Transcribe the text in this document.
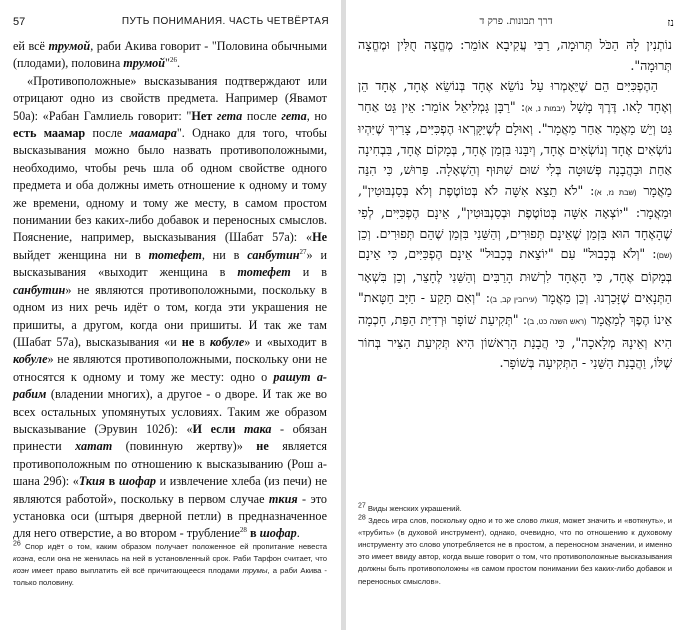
57	ПУТЬ ПОНИМАНИЯ. ЧАСТЬ ЧЕТВЁРТАЯ

ей всё трумой, раби Акива говорит - "Половина обычными (плодами), половина трумой"$^{26}$.

«Противоположные» высказывания подтверждают или отрицают одно из свойств предмета. Например (Явамот 50а): «Рабан Гамлиель говорит: "Нет гета после гета, но есть маамар после маамара". Однако для того, чтобы высказывания можно было назвать противоположными, необходимо, чтобы речь шла об одном свойстве одного предмета и оба должны иметь отношение к одному и тому же времени, одному и тому же месту, в самом простом понимании без каких-либо добавок и переносных смыслов. Пояснение, например, высказывания (Шабат 57а): «Не выйдет женщина ни в тотефет, ни в санбутин$^{27}$» и высказывания «выходит женщина в тотефет и в санбутин» не являются противоположными, поскольку в одном из них речь идёт о том, когда эти украшения не пришиты, а другом, когда они пришиты. И так же там (Шабат 57а), высказывания «и не в кобуле» и «выходит в кобуле» не являются противоположными, поскольку они не относятся к одному и тому же месту: одно о рашут а-рабим (владении многих), а другое - о дворе. И так же во всех остальных упомянутых условиях. Таким же образом высказывание (Эрувин 102б): «И если така - обязан принести хатат (повинную жертву)» не является противоположным по отношению к высказыванию (Рош а-шана 29б): «Ткия в шофар и извлечение хлеба (из печи) не являются работой», поскольку в первом случае ткия - это установка оси (штыря дверной петли) в предназначенное для него отверстие, а во втором - трубление$^{28}$ в шофар.

$^{26}$ Спор идёт о том, каким образом получает положенное ей пропитание невеста коэна, если она не женилась на ней в установленный срок. Раби Тарфон считает, что коэн имеет право выплатить ей всё причитающееся плодами трумы, а раби Акива - только половину.

נז
דרך תבונות. פרק ד

נוֹתְנִין לָהּ הַכֹּל תְּרוּמָה, רַבִּי עֲקִיבָא אוֹמֵר: מֶחֱצָה חֻלִּין וּמֶחֱצָה תְּרוּמָה".

הַהֶפְכִּיִּים הֵם שֶׁיֵּאָמְרוּ עַל נוֹשֵׂא אֶחָד בְּנוֹשֵׂא אֶחָד, אֶחָד הֵן וְאֶחָד לָאו. דֶּרֶךְ מָשָׁל (יבמות נ, א): "רַבָּן גַּמְלִיאֵל אוֹמֵר: אֵין גֵּט אַחַר גֵּט וְיֵשׁ מַאֲמָר אַחַר מַאֲמָר". וְאוּלָם לְשֶׁיִּקָּרְאוּ הֶפְכִּיִּים, צָרִיךְ שֶׁיִּהְיוּ נוֹשְׂאִים אֶחָד וְנוֹשְׂאִים אֶחָד, וְיִבָּנוּ בִּזְמַן אֶחָד, בְּמָקוֹם אֶחָד, בִּבְחִינָה אַחַת וּבַהֲבָנָה פְּשׁוּטָה בְּלִי שׁוּם שִׁתּוּף וְהַשְׁאָלָה. פֵּרוּשׁ, כִּי הִנֵּה מַאֲמָר (שבת נז, א): "לֹא תֵצֵא אִשָּׁה לֹא בְּטוֹטֶפֶת וְלֹא בְּסַנְבּוּטִין", וּמַאֲמָר: "יוֹצְאָה אִשָּׁה בְּטוֹטֶפֶת וּבְסַנְבּוּטִין", אֵינָם הֶפְכִּיִּים, לְפִי שֶׁהָאֶחָד הוּא בִּזְמַן שֶׁאֵינָם תְּפוּרִים, וְהַשֵּׁנִי בִּזְמַן שֶׁהֵם תְּפוּרִים. וְכֵן (שם): "וְלֹא בְּכָבוּל" עִם "יוֹצֵאת בְּכָבוּל" אֵינָם הֶפְכִּיִּים, כִּי אֵינָם בְּמָקוֹם אֶחָד, כִּי הָאֶחָד לִרְשׁוּת הָרַבִּים וְהַשֵּׁנִי לֶחָצֵר, וְכֵן בִּשְׁאָר הַתְּנָאִים שֶׁזָּכַרְנוּ. וְכֵן מַאֲמָר (עירובין קב, ב): "וְאִם תָּקַע - חַיָּב חַטָּאת" אֵינוֹ הֶפֶךְ לְמַאֲמָר (ראש השנה כט, ב): "תְּקִיעַת שׁוֹפָר וּרְדִיַּת הַפַּת, חָכְמָה הִיא וְאֵינָהּ מְלָאכָה", כִּי הֲבָנַת הָרִאשׁוֹן הִיא תְּקִיעַת הַצִּיר בְּחוֹר שֶׁלּוֹ, וַהֲבָנַת הַשֵּׁנִי - הַתְּקִיעָה בְּשׁוֹפָר.

$^{27}$ Виды женских украшений.

$^{28}$ Здесь игра слов, поскольку одно и то же слово ткия, может значить и «воткнуть», и «трубить» (в духовой инструмент), однако, очевидно, что по отношению к духовому инструменту это слово употребляется не в простом, а переносном значении, и именно это имеет ввиду автор, когда выше говорит о том, что противоположные высказывания должны быть противоположны «в самом простом понимании без каких-либо добавок и переносных смыслов».
